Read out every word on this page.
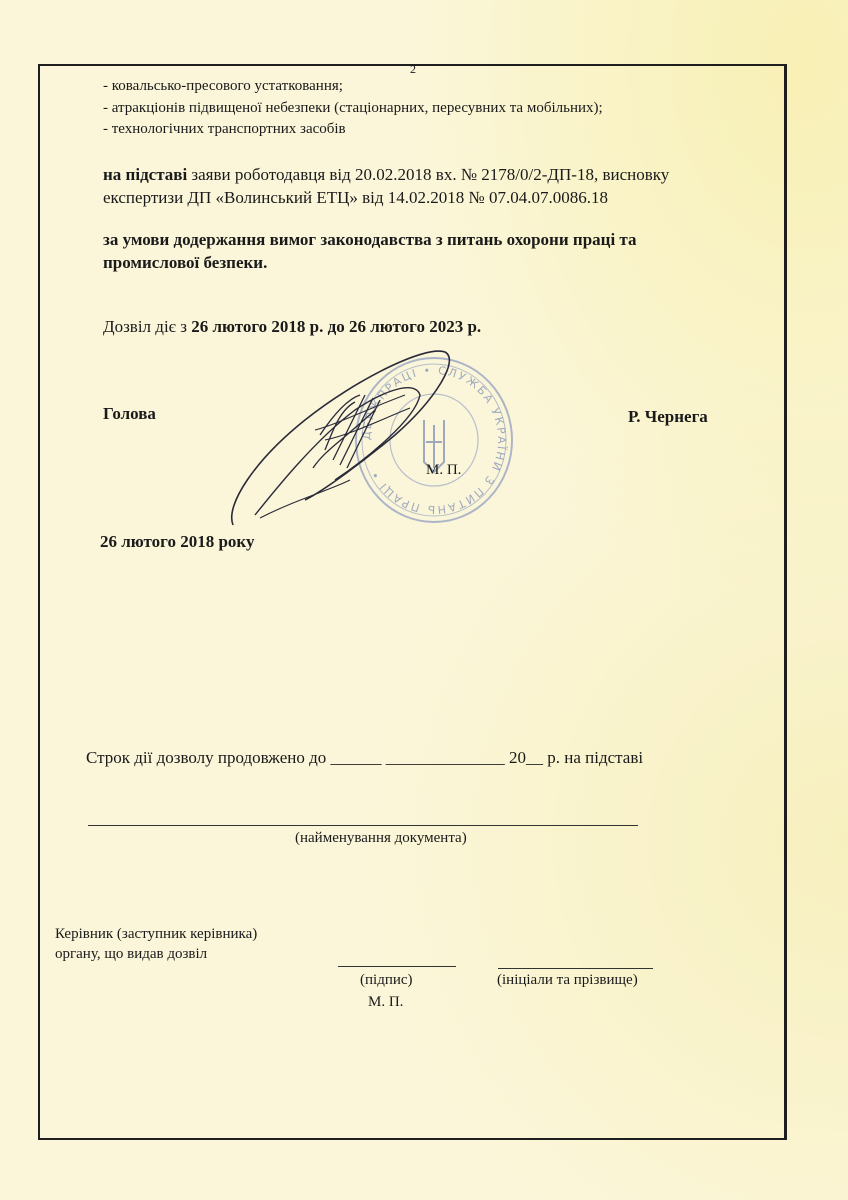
2
- ковальсько-пресового устатковання;
- атракціонів підвищеної небезпеки (стаціонарних, пересувних та мобільних);
- технологічних транспортних засобів
на підставі заяви роботодавця від 20.02.2018 вх. № 2178/0/2-ДП-18, висновку
експертизи ДП «Волинський ЕТЦ» від 14.02.2018 № 07.04.07.0086.18
за умови додержання вимог законодавства з питань охорони праці та
промислової безпеки.
Дозвіл діє з 26 лютого 2018 р. до 26 лютого 2023 р.
ДЕРЖПРАЦІ • СЛУЖБА УКРАЇНИ З ПИТАНЬ ПРАЦІ •
Голова	Р. Чернега
М. П.
26 лютого 2018 року
Строк дії дозволу продовжено до ______ ______________ 20__ р. на підставі
(найменування документа)
Керівник (заступник керівника)
органу, що видав дозвіл
(підпис)	(ініціали та прізвище)
М. П.
